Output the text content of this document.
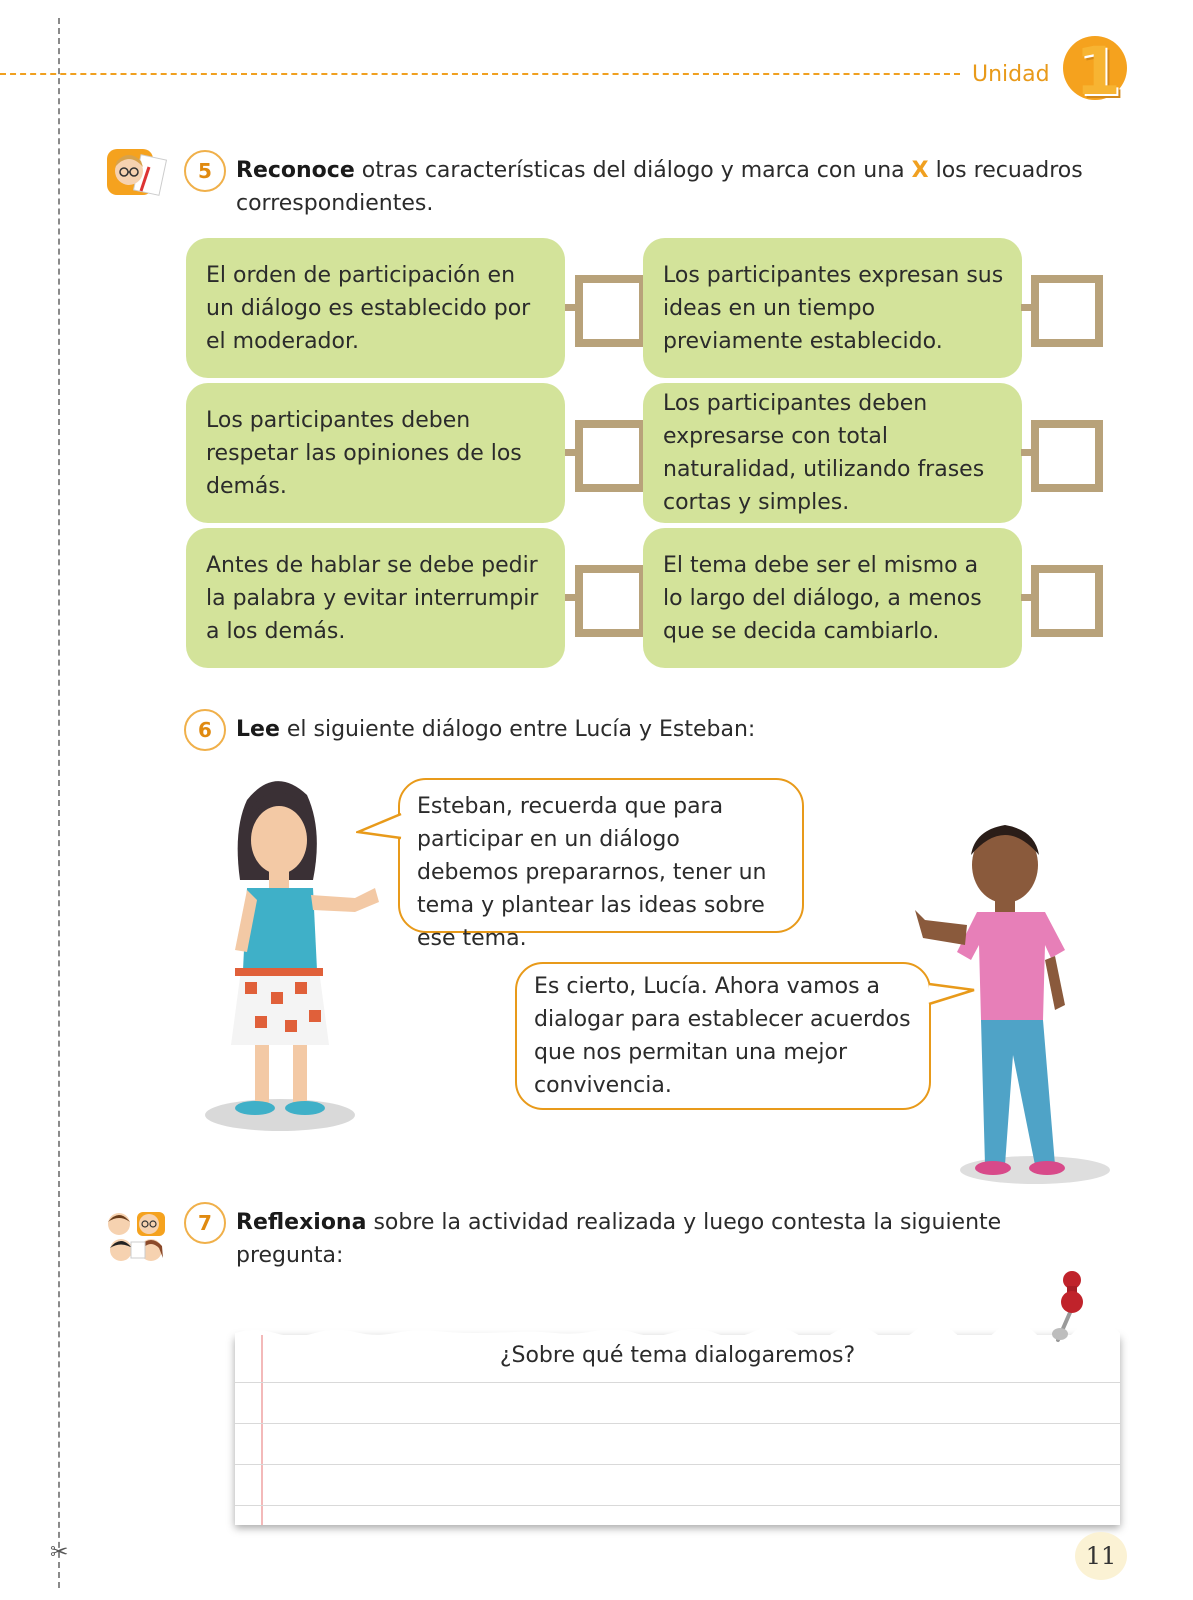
✂
Unidad 1
5	Reconoce otras características del diálogo y marca con una X los recuadros correspondientes.
El orden de participación en un diálogo es establecido por el moderador.
Los participantes expresan sus ideas en un tiempo previamente establecido.
Los participantes deben respetar las opiniones de los demás.
Los participantes deben expresarse con total naturalidad, utilizando frases cortas y simples.
Antes de hablar se debe pedir la palabra y evitar interrumpir a los demás.
El tema debe ser el mismo a lo largo del diálogo, a menos que se decida cambiarlo.
6	Lee el siguiente diálogo entre Lucía y Esteban:
Esteban, recuerda que para participar en un diálogo debemos prepararnos, tener un tema y plantear las ideas sobre ese tema.
Es cierto, Lucía. Ahora vamos a dialogar para establecer acuerdos que nos permitan una mejor convivencia.
7	Reflexiona sobre la actividad realizada y luego contesta la siguiente pregunta:
¿Sobre qué tema dialogaremos?
11
